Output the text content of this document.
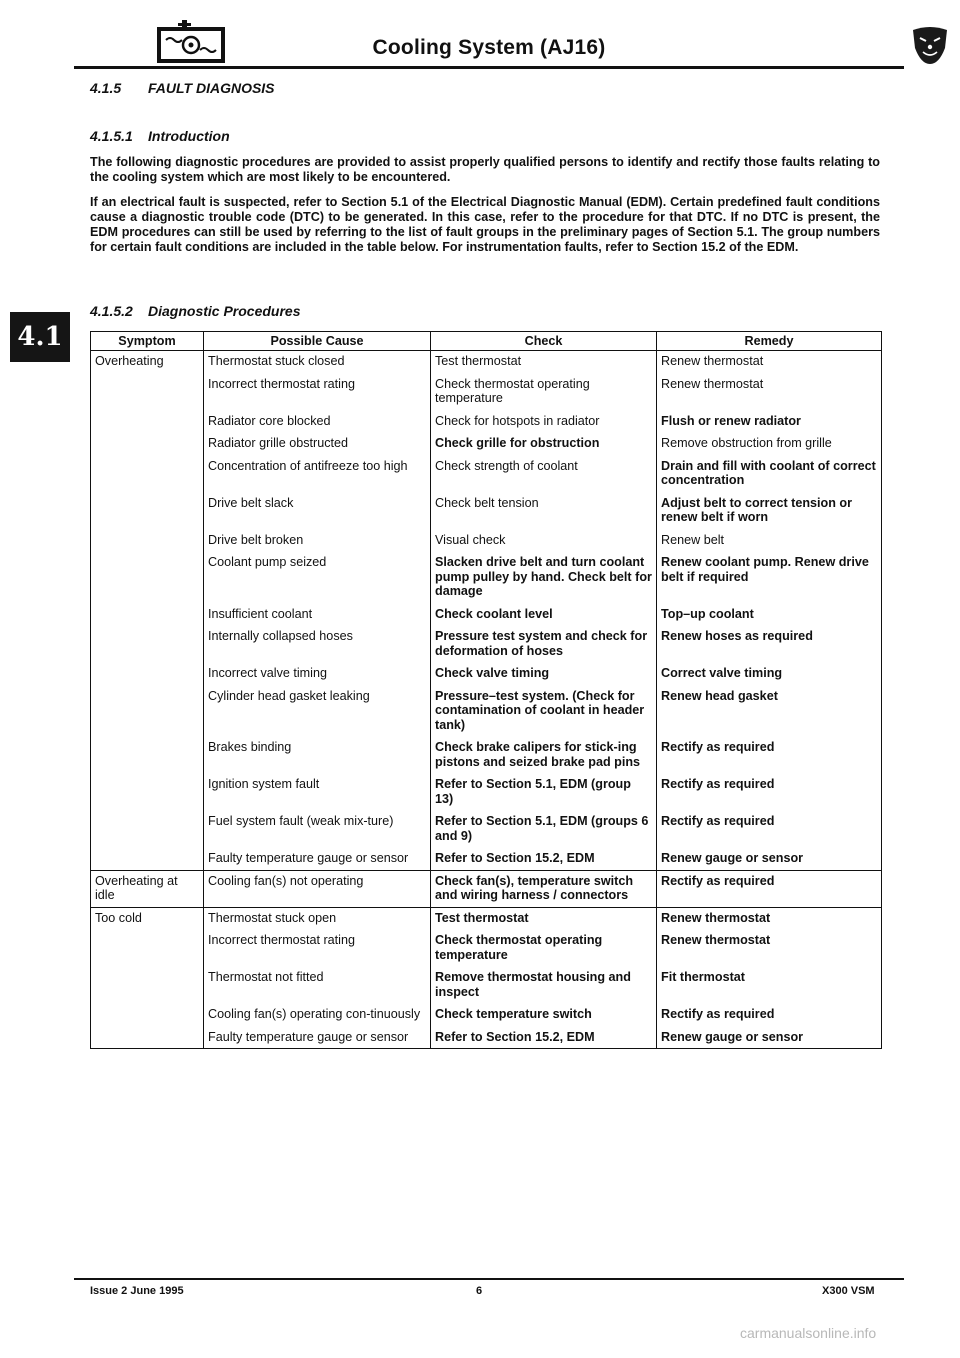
Cooling System (AJ16)
4.1
4.1.5 FAULT DIAGNOSIS
4.1.5.1 Introduction
The following diagnostic procedures are provided to assist properly qualified persons to identify and rectify those faults relating to the cooling system which are most likely to be encountered.
If an electrical fault is suspected, refer to Section 5.1 of the Electrical Diagnostic Manual (EDM). Certain predefined fault conditions cause a diagnostic trouble code (DTC) to be generated. In this case, refer to the procedure for that DTC. If no DTC is present, the EDM procedures can still be used by referring to the list of fault groups in the preliminary pages of Section 5.1. The group numbers for certain fault conditions are included in the table below. For instrumentation faults, refer to Section 15.2 of the EDM.
4.1.5.2 Diagnostic Procedures
Symptom	Possible Cause	Check	Remedy
Overheating	Thermostat stuck closed	Test thermostat	Renew thermostat
	Incorrect thermostat rating	Check thermostat operating temperature	Renew thermostat
	Radiator core blocked	Check for hotspots in radiator	Flush or renew radiator
	Radiator grille obstructed	Check grille for obstruction	Remove obstruction from grille
	Concentration of antifreeze too high	Check strength of coolant	Drain and fill with coolant of correct concentration
	Drive belt slack	Check belt tension	Adjust belt to correct tension or renew belt if worn
	Drive belt broken	Visual check	Renew belt
	Coolant pump seized	Slacken drive belt and turn coolant pump pulley by hand. Check belt for damage	Renew coolant pump. Renew drive belt if required
	Insufficient coolant	Check coolant level	Top–up coolant
	Internally collapsed hoses	Pressure test system and check for deformation of hoses	Renew hoses as required
	Incorrect valve timing	Check valve timing	Correct valve timing
	Cylinder head gasket leaking	Pressure–test system. (Check for contamination of coolant in header tank)	Renew head gasket
	Brakes binding	Check brake calipers for stick-ing pistons and seized brake pad pins	Rectify as required
	Ignition system fault	Refer to Section 5.1, EDM (group 13)	Rectify as required
	Fuel system fault (weak mix-ture)	Refer to Section 5.1, EDM (groups 6 and 9)	Rectify as required
	Faulty temperature gauge or sensor	Refer to Section 15.2, EDM	Renew gauge or sensor
Overheating at idle	Cooling fan(s) not operating	Check fan(s), temperature switch and wiring harness / connectors	Rectify as required
Too cold	Thermostat stuck open	Test thermostat	Renew thermostat
	Incorrect thermostat rating	Check thermostat operating temperature	Renew thermostat
	Thermostat not fitted	Remove thermostat housing and inspect	Fit thermostat
	Cooling fan(s) operating con-tinuously	Check temperature switch	Rectify as required
	Faulty temperature gauge or sensor	Refer to Section 15.2, EDM	Renew gauge or sensor
Issue 2 June 1995	6	X300 VSM
carmanualsonline.info
